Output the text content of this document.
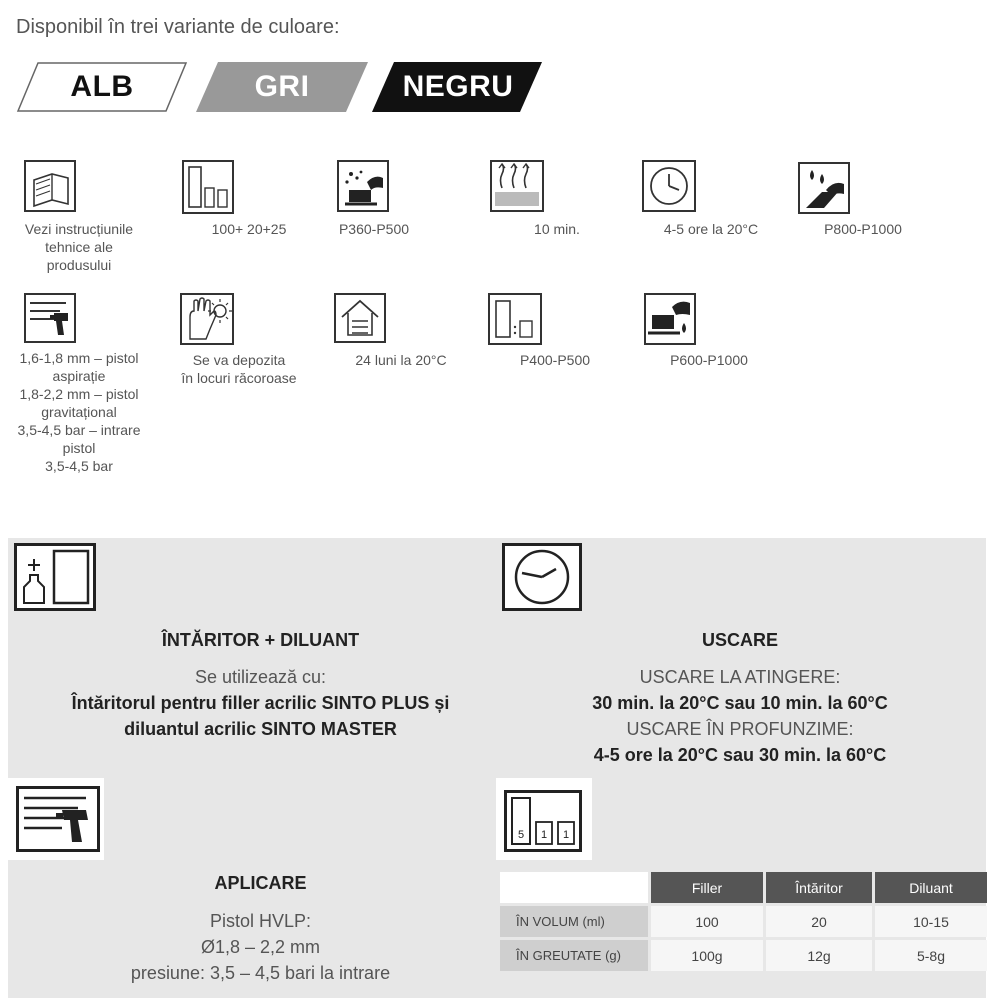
Disponibil în trei variante de culoare:
ALB	GRI	NEGRU
Vezi instrucțiunile
tehnice ale
produsului
100+ 20+25	P360-P500	10 min.	4-5 ore la 20°C	P800-P1000
1,6-1,8 mm – pistol
aspirație
1,8-2,2 mm – pistol
gravitațional
3,5-4,5 bar – intrare
pistol
3,5-4,5 bar
Se va depozita
în locuri răcoroase
24 luni la 20°C	P400-P500	P600-P1000
ÎNTĂRITOR + DILUANT
Se utilizează cu:
Întăritorul pentru filler acrilic SINTO PLUS și
diluantul acrilic SINTO MASTER
USCARE
USCARE LA ATINGERE:
30 min. la 20°C sau 10 min. la 60°C
USCARE ÎN PROFUNZIME:
4-5 ore la 20°C sau 30 min. la 60°C
5 1 1
APLICARE
Pistol HVLP:
Ø1,8 – 2,2 mm
presiune: 3,5 – 4,5 bari la intrare
	Filler	Întăritor	Diluant
ÎN VOLUM (ml)	100	20	10-15
ÎN GREUTATE (g)	100g	12g	5-8g
